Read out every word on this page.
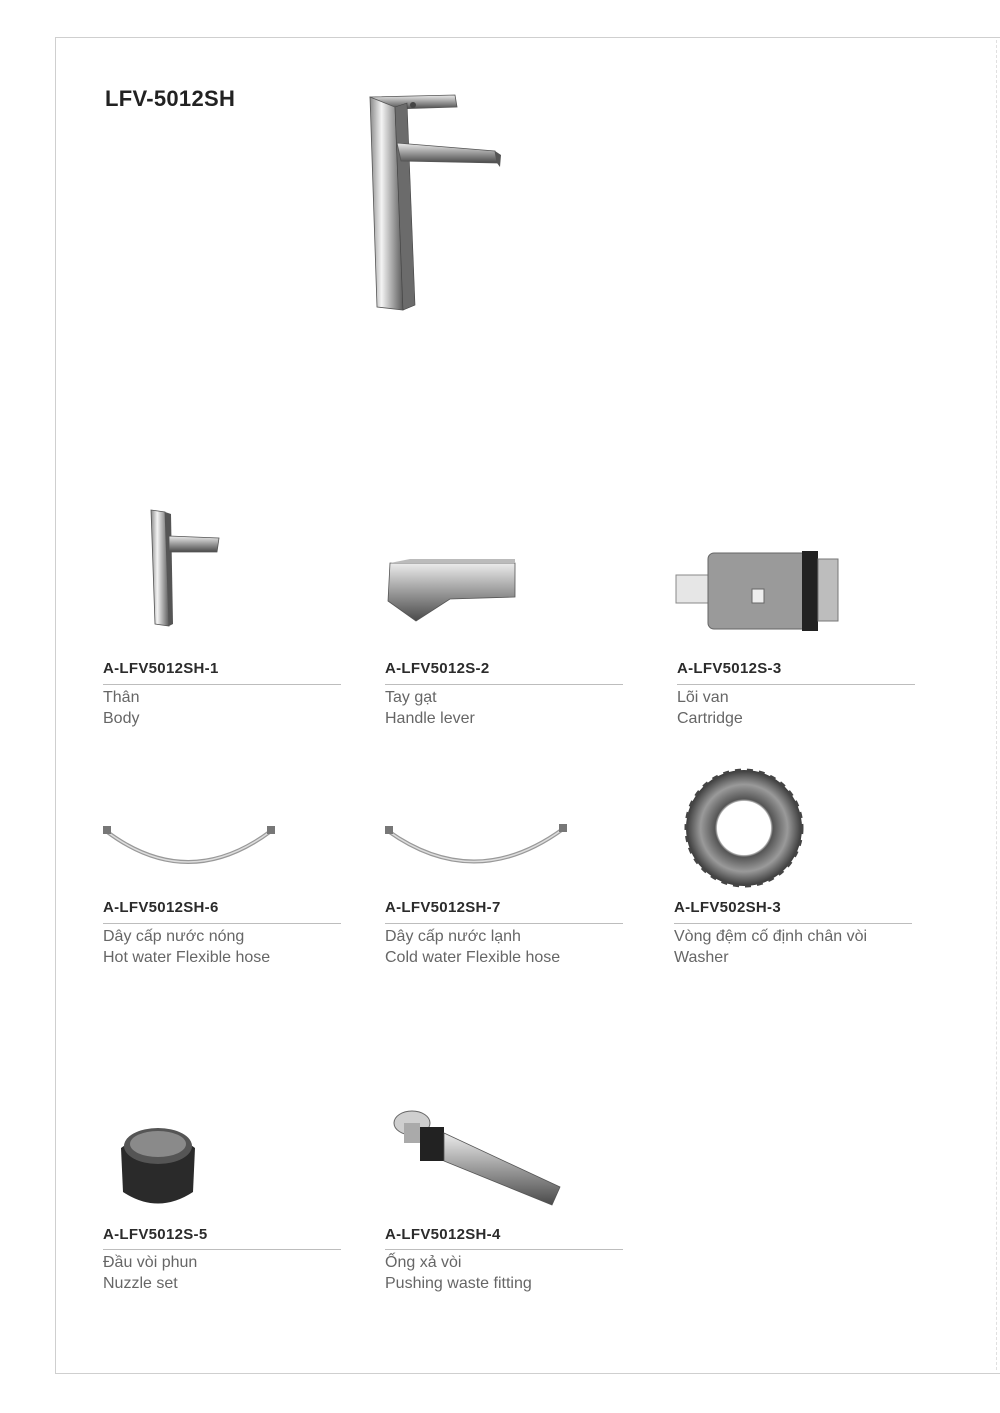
LFV-5012SH
A-LFV5012SH-1
Thân
Body
A-LFV5012S-2
Tay gạt
Handle lever
A-LFV5012S-3
Lõi van
Cartridge
A-LFV5012SH-6
Dây cấp nước nóng
Hot water Flexible hose
A-LFV5012SH-7
Dây cấp nước lạnh
Cold water Flexible hose
A-LFV502SH-3
Vòng đệm cố định chân vòi
Washer
A-LFV5012S-5
Đầu vòi phun
Nuzzle set
A-LFV5012SH-4
Ống xả vòi
Pushing waste fitting
